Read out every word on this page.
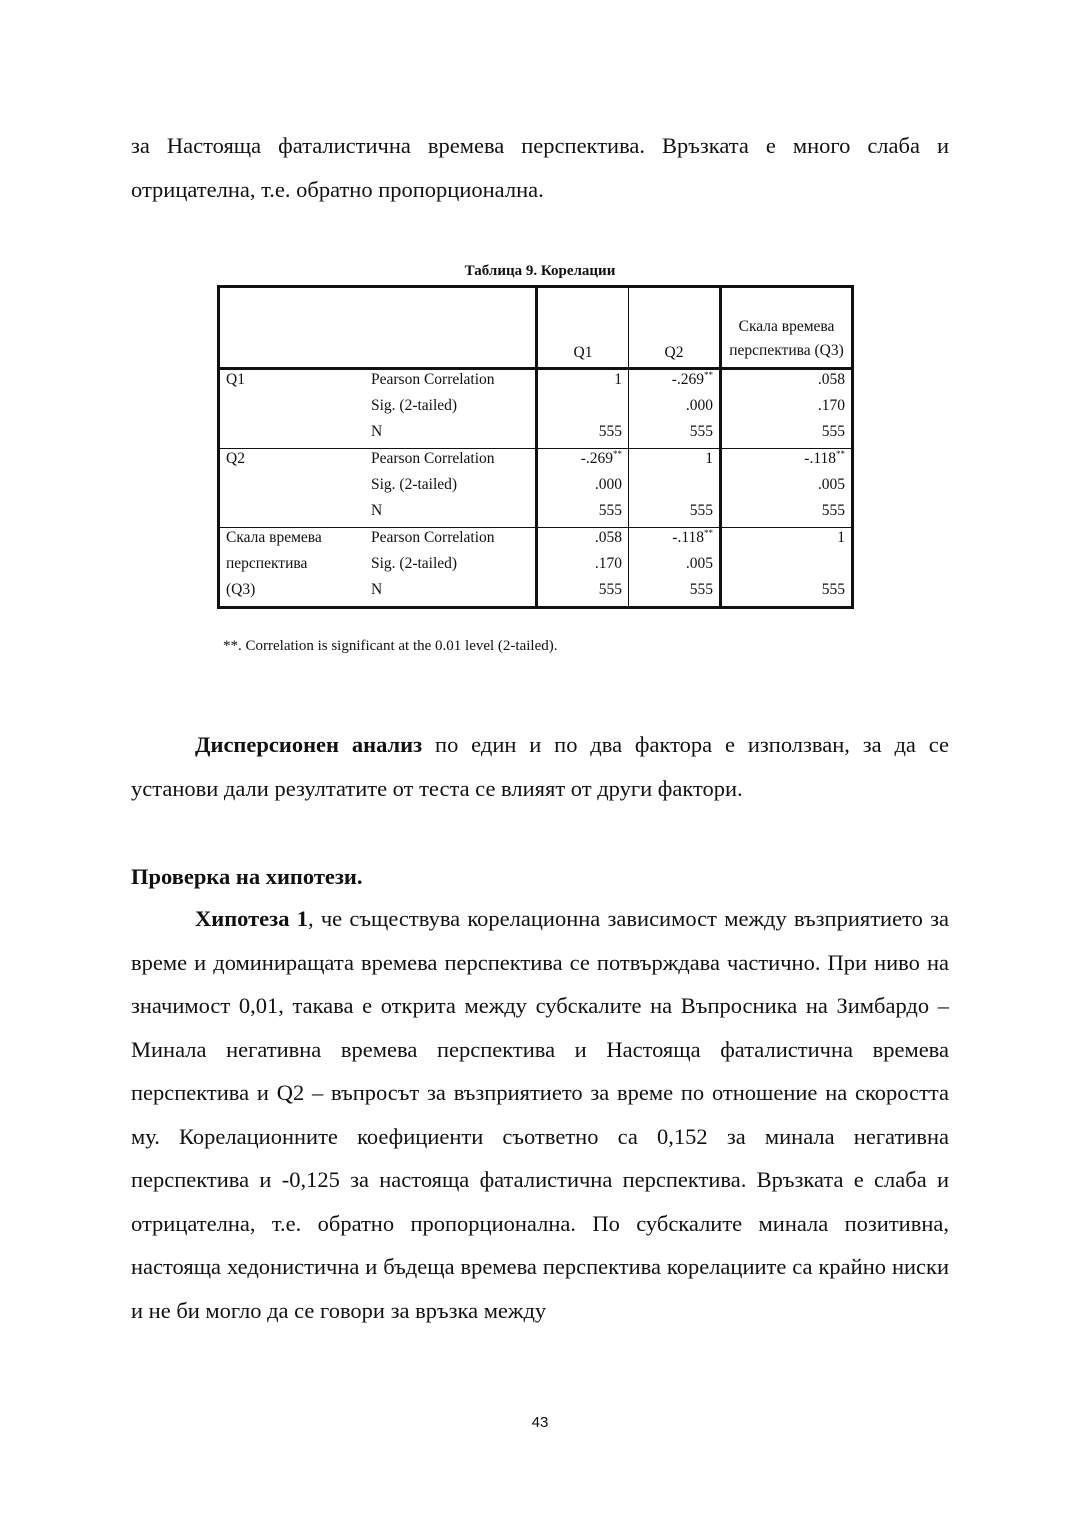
за Настояща фаталистична времева перспектива. Връзката е много слаба и отрицателна, т.е. обратно пропорционална.
Таблица 9. Корелации
		Q1	Q2	Скала времева перспектива (Q3)
Q1	Pearson Correlation	1	-.269**	.058
	Sig. (2-tailed)		.000	.170
	N	555	555	555
Q2	Pearson Correlation	-.269**	1	-.118**
	Sig. (2-tailed)	.000		.005
	N	555	555	555
Скала времева	Pearson Correlation	.058	-.118**	1
перспектива	Sig. (2-tailed)	.170	.005	
(Q3)	N	555	555	555
**. Correlation is significant at the 0.01 level (2-tailed).
Дисперсионен анализ по един и по два фактора е използван, за да се установи дали резултатите от теста се влияят от други фактори.
Проверка на хипотези.
Хипотеза 1, че съществува корелационна зависимост между възприятието за време и доминиращата времева перспектива се потвърждава частично. При ниво на значимост 0,01, такава е открита между субскалите на Въпросника на Зимбардо – Минала негативна времева перспектива и Настояща фаталистична времева перспектива и Q2 – въпросът за възприятието за време по отношение на скоростта му. Корелационните коефициенти съответно са 0,152 за минала негативна перспектива и -0,125 за настояща фаталистична перспектива. Връзката е слаба и отрицателна, т.е. обратно пропорционална. По субскалите минала позитивна, настояща хедонистична и бъдеща времева перспектива корелациите са крайно ниски и не би могло да се говори за връзка между
43
